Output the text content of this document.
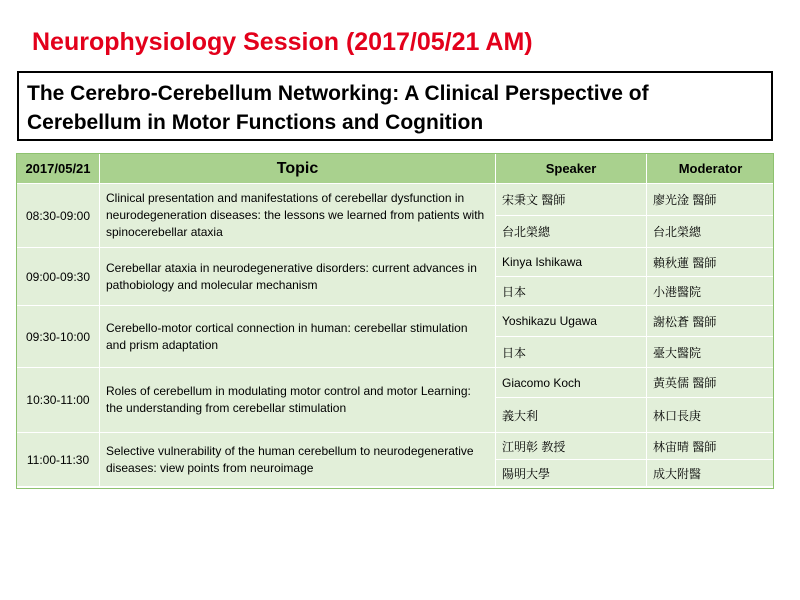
Neurophysiology Session (2017/05/21 AM)
The Cerebro-Cerebellum Networking: A Clinical Perspective of
Cerebellum in Motor Functions and Cognition
2017/05/21	Topic	Speaker	Moderator
08:30-09:00	Clinical presentation and manifestations of cerebellar dysfunction in neurodegeneration diseases: the lessons we learned from patients with spinocerebellar ataxia	宋秉文 醫師	廖光淦 醫師
		台北榮總	台北榮總
09:00-09:30	Cerebellar ataxia in neurodegenerative disorders: current advances in pathobiology and molecular mechanism	Kinya Ishikawa	賴秋蓮 醫師
		日本	小港醫院
09:30-10:00	Cerebello-motor cortical connection in human: cerebellar stimulation and prism adaptation	Yoshikazu Ugawa	謝松蒼 醫師
		日本	臺大醫院
10:30-11:00	Roles of cerebellum in modulating motor control and motor Learning: the understanding from cerebellar stimulation	Giacomo Koch	黃英儒 醫師
		義大利	林口長庚
11:00-11:30	Selective vulnerability of the human cerebellum to neurodegenerative diseases: view points from neuroimage	江明彰 教授	林宙晴 醫師
		陽明大學	成大附醫
